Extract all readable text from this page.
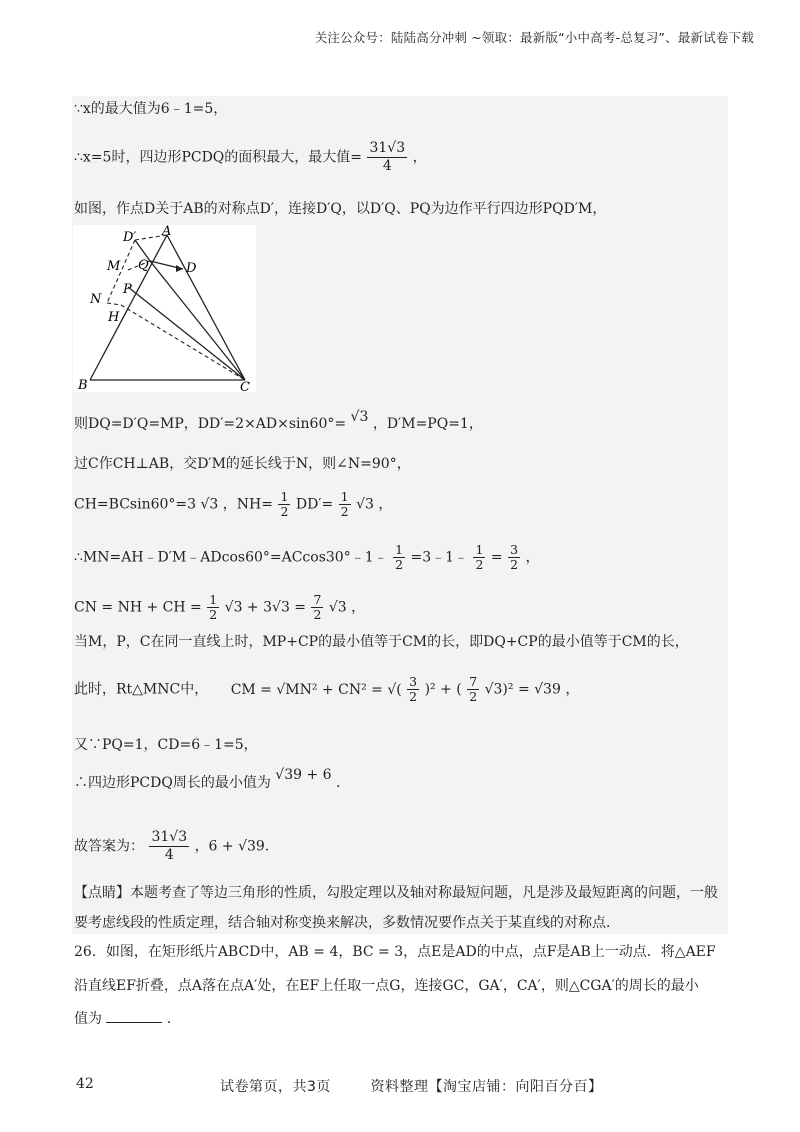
关注公众号：陆陆高分冲刺 ~领取：最新版“小中高考-总复习”、最新试卷下载
∵x的最大值为6﹣1=5，
∴x=5时，四边形PCDQ的面积最大，最大值= $\frac{31√3}{4}$ ，
如图，作点D关于AB的对称点D′，连接D′Q，以D′Q、PQ为边作平行四边形PQD′M，
D′ A
Q	D
M
P
N
H
B	C
则DQ=D′Q=MP，DD′=2×AD×sin60°= √3 ，D′M=PQ=1，
过C作CH⊥AB，交D′M的延长线于N，则∠N=90°，
CH=BCsin60°=3 √3 ，$NH= \frac{1}{2} DD'= \frac{1}{2} √3$ ，
∴MN=AH﹣D′M﹣ADcos60°=ACcos30°﹣1﹣ $\frac{1}{2}$ =3﹣1﹣ $\frac{1}{2} = \frac{3}{2}$ ，
CN = NH + CH = $\frac{1}{2} √3 + 3√3 = \frac{7}{2} √3$ ，
当M，P，C在同一直线上时，MP+CP的最小值等于CM的长，即DQ+CP的最小值等于CM的长，
此时，Rt△MNC中， CM = √MN² + CN² = √( $\frac{3}{2} )^2$ + ( $\frac{7}{2} √3)^2 = √39$ ，
又∵PQ=1，CD=6﹣1=5，
∴四边形PCDQ周长的最小值为 √39 + 6 ．
故答案为： $\frac{31√3}{4}$ ，6 + √39．
【点睛】本题考查了等边三角形的性质，勾股定理以及轴对称最短问题，凡是涉及最短距离的问题，一般
要考虑线段的性质定理，结合轴对称变换来解决，多数情况要作点关于某直线的对称点．
26．如图，在矩形纸片ABCD中，AB = 4，BC = 3，点E是AD的中点，点F是AB上一动点．将△AEF
沿直线EF折叠，点A落在点A′处，在EF上任取一点G，连接GC，GA′，CA′，则△CGA′的周长的最小
值为	．
42	试卷第页，共3页        资料整理【淘宝店铺：向阳百分百】
